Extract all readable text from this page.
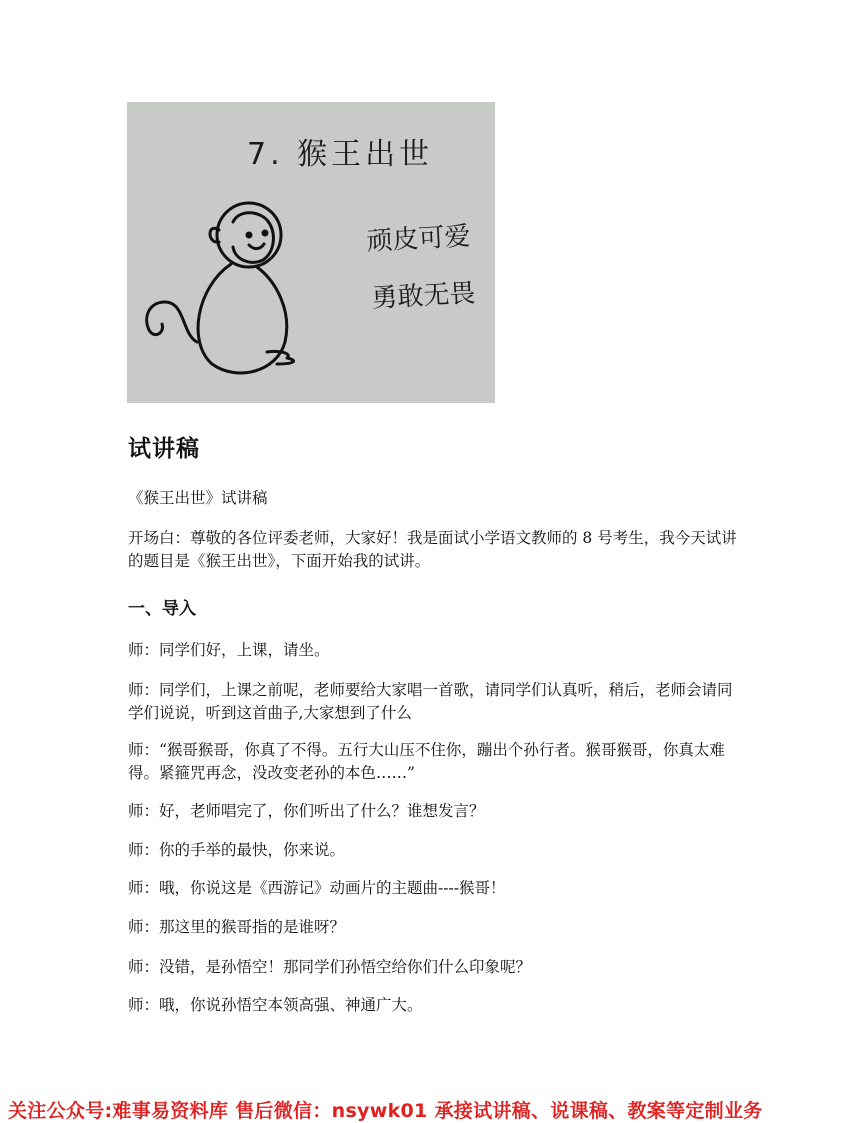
7. 猴王出世
顽皮可爱
勇敢无畏
试讲稿
《猴王出世》试讲稿
开场白：尊敬的各位评委老师，大家好！我是面试小学语文教师的 8 号考生，我今天试讲的题目是《猴王出世》，下面开始我的试讲。
一、导入
师：同学们好，上课，请坐。
师：同学们，上课之前呢，老师要给大家唱一首歌，请同学们认真听，稍后，老师会请同学们说说，听到这首曲子,大家想到了什么
师：“猴哥猴哥，你真了不得。五行大山压不住你，蹦出个孙行者。猴哥猴哥，你真太难得。紧箍咒再念，没改变老孙的本色……”
师：好，老师唱完了，你们听出了什么？谁想发言？
师：你的手举的最快，你来说。
师：哦，你说这是《西游记》动画片的主题曲----猴哥！
师：那这里的猴哥指的是谁呀？
师：没错，是孙悟空！那同学们孙悟空给你们什么印象呢？
师：哦，你说孙悟空本领高强、神通广大。
关注公众号:难事易资料库 售后微信：nsywk01 承接试讲稿、说课稿、教案等定制业务
